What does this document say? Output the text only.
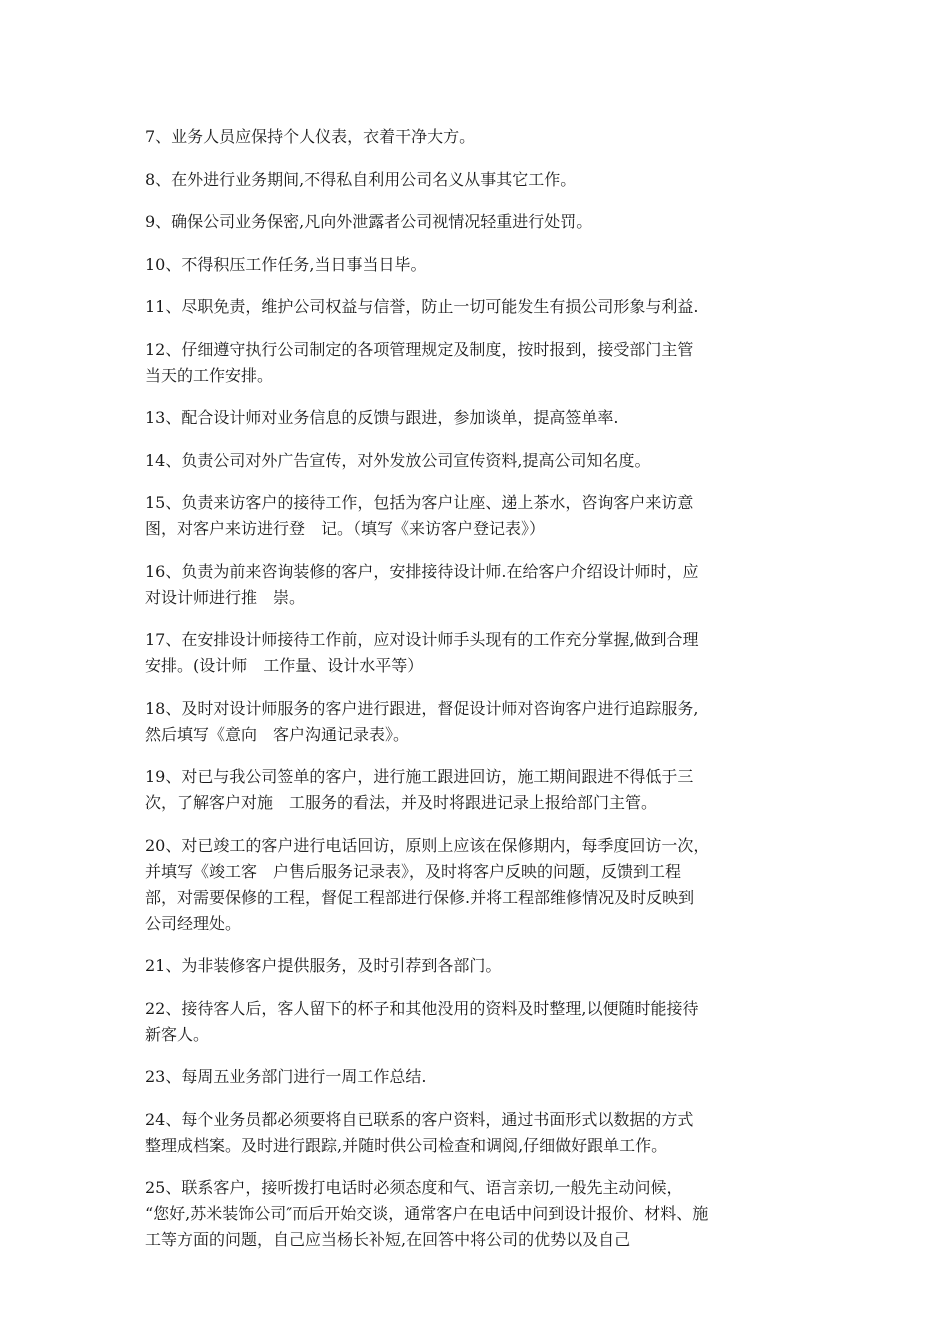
7、业务人员应保持个人仪表，衣着干净大方。
8、在外进行业务期间,不得私自利用公司名义从事其它工作。
9、确保公司业务保密,凡向外泄露者公司视情况轻重进行处罚。
10、不得积压工作任务,当日事当日毕。
11、尽职免责，维护公司权益与信誉，防止一切可能发生有损公司形象与利益.
12、仔细遵守执行公司制定的各项管理规定及制度，按时报到，接受部门主管
当天的工作安排。
13、配合设计师对业务信息的反馈与跟进，参加谈单，提高签单率.
14、负责公司对外广告宣传，对外发放公司宣传资料,提高公司知名度。
15、负责来访客户的接待工作，包括为客户让座、递上茶水，咨询客户来访意
图，对客户来访进行登　记。（填写《来访客户登记表》）
16、负责为前来咨询装修的客户，安排接待设计师.在给客户介绍设计师时，应
对设计师进行推　崇。
17、在安排设计师接待工作前，应对设计师手头现有的工作充分掌握,做到合理
安排。(设计师　工作量、设计水平等）
18、及时对设计师服务的客户进行跟进，督促设计师对咨询客户进行追踪服务,
然后填写《意向　客户沟通记录表》。
19、对已与我公司签单的客户，进行施工跟进回访，施工期间跟进不得低于三
次，了解客户对施　工服务的看法，并及时将跟进记录上报给部门主管。
20、对已竣工的客户进行电话回访，原则上应该在保修期内，每季度回访一次，
并填写《竣工客　户售后服务记录表》，及时将客户反映的问题，反馈到工程
部，对需要保修的工程，督促工程部进行保修.并将工程部维修情况及时反映到
公司经理处。
21、为非装修客户提供服务，及时引荐到各部门。
22、接待客人后，客人留下的杯子和其他没用的资料及时整理,以便随时能接待
新客人。
23、每周五业务部门进行一周工作总结.
24、每个业务员都必须要将自已联系的客户资料，通过书面形式以数据的方式
整理成档案。及时进行跟踪,并随时供公司检查和调阅,仔细做好跟单工作。
25、联系客户，接听拨打电话时必须态度和气、语言亲切,一般先主动问候，
“您好,苏米装饰公司″而后开始交谈，通常客户在电话中问到设计报价、材料、施
工等方面的问题，自己应当杨长补短,在回答中将公司的优势以及自己
